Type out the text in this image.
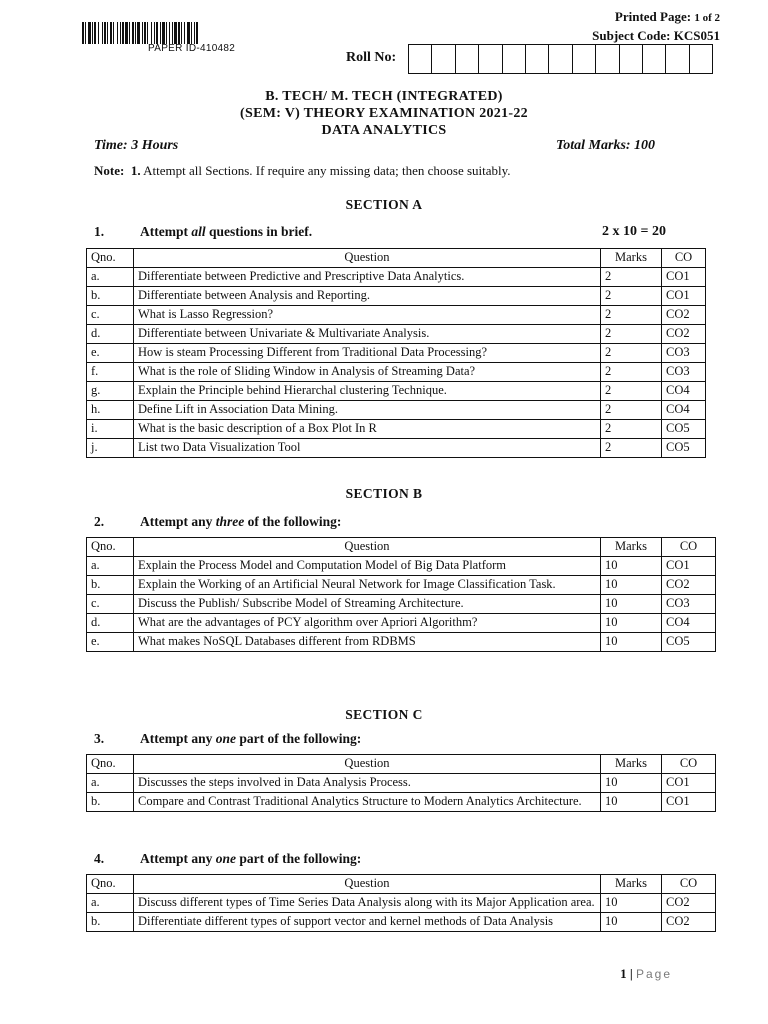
PAPER ID-410482
Printed Page: 1 of 2
Subject Code: KCS051
Roll No:
B. TECH/ M. TECH (INTEGRATED)
(SEM: V) THEORY EXAMINATION 2021-22
DATA ANALYTICS
Time: 3 Hours	Total Marks: 100
Note: 1. Attempt all Sections. If require any missing data; then choose suitably.
SECTION A
1.	Attempt all questions in brief.	2 x 10 = 20
Qno.	Question	Marks	CO
a.	Differentiate between Predictive and Prescriptive Data Analytics.	2	CO1
b.	Differentiate between Analysis and Reporting.	2	CO1
c.	What is Lasso Regression?	2	CO2
d.	Differentiate between Univariate & Multivariate Analysis.	2	CO2
e.	How is steam Processing Different from Traditional Data Processing?	2	CO3
f.	What is the role of Sliding Window in Analysis of Streaming Data?	2	CO3
g.	Explain the Principle behind Hierarchal clustering Technique.	2	CO4
h.	Define Lift in Association Data Mining.	2	CO4
i.	What is the basic description of a Box Plot In R	2	CO5
j.	List two Data Visualization Tool	2	CO5
SECTION B
2.	Attempt any three of the following:
Qno.	Question	Marks	CO
a.	Explain the Process Model and Computation Model of Big Data Platform	10	CO1
b.	Explain the Working of an Artificial Neural Network for Image Classification Task.	10	CO2
c.	Discuss the Publish/ Subscribe Model of Streaming Architecture.	10	CO3
d.	What are the advantages of PCY algorithm over Apriori Algorithm?	10	CO4
e.	What makes NoSQL Databases different from RDBMS	10	CO5
SECTION C
3.	Attempt any one part of the following:
Qno.	Question	Marks	CO
a.	Discusses the steps involved in Data Analysis Process.	10	CO1
b.	Compare and Contrast Traditional Analytics Structure to Modern Analytics Architecture.	10	CO1
4.	Attempt any one part of the following:
Qno.	Question	Marks	CO
a.	Discuss different types of Time Series Data Analysis along with its Major Application area.	10	CO2
b.	Differentiate different types of support vector and kernel methods of Data Analysis	10	CO2
1 | Page
